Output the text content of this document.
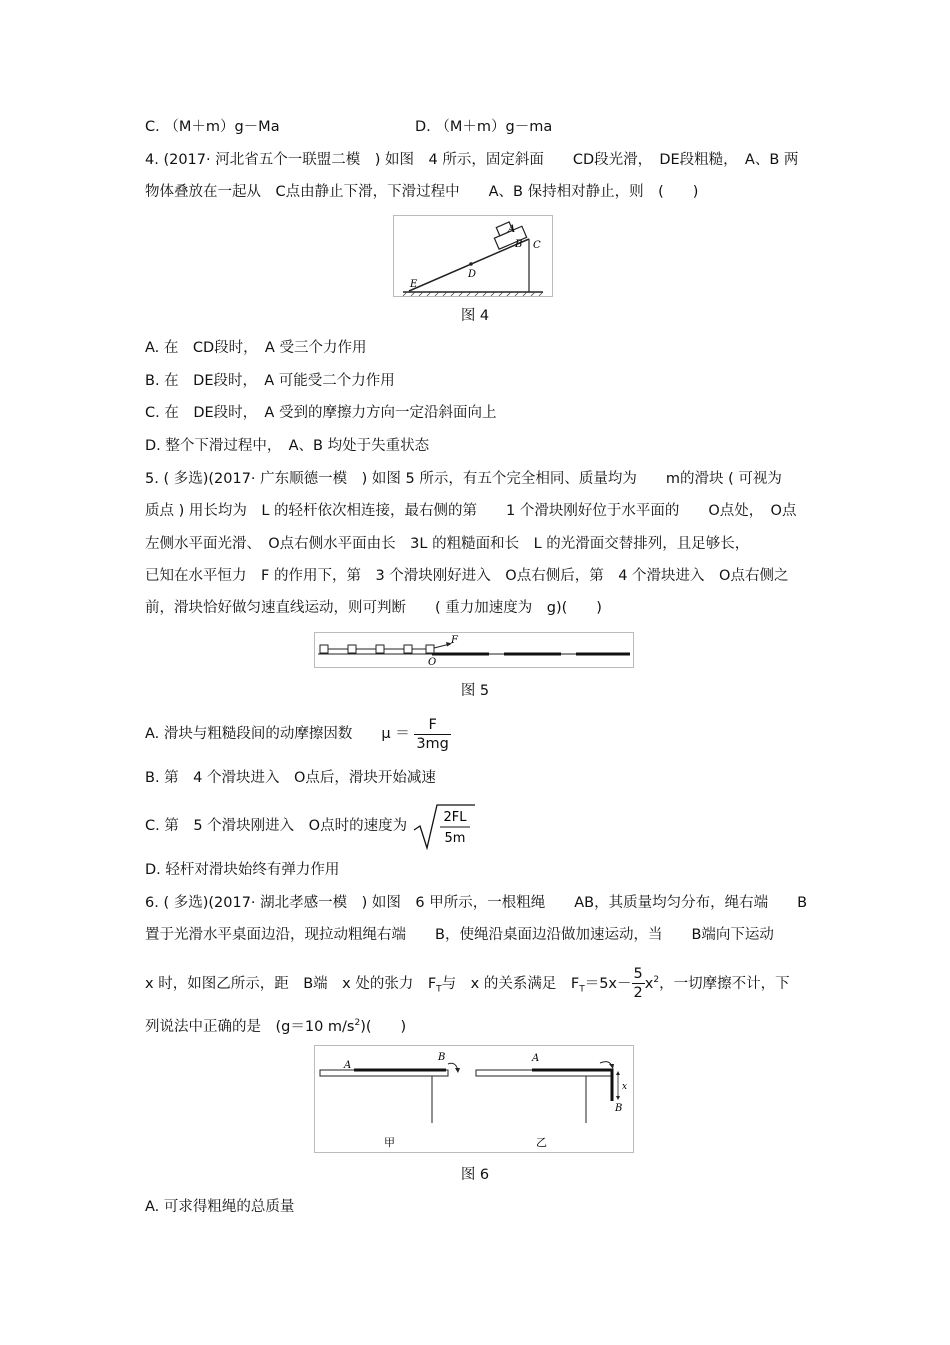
C. （M＋m）g－Ma	D. （M＋m）g－ma
4. (2017· 河北省五个一联盟二模　) 如图　4 所示，固定斜面　　CD段光滑，　DE段粗糙，　A、B 两
物体叠放在一起从　C点由静止下滑，下滑过程中　　A、B 保持相对静止，则　(　　)
A
B C
D
E
图 4
A. 在　CD段时，　A 受三个力作用
B. 在　DE段时，　A 可能受二个力作用
C. 在　DE段时，　A 受到的摩擦力方向一定沿斜面向上
D. 整个下滑过程中，　A、B 均处于失重状态
5. ( 多选)(2017· 广东顺德一模　) 如图 5 所示，有五个完全相同、质量均为　　m的滑块 ( 可视为
质点 ) 用长均为　L 的轻杆依次相连接，最右侧的第　　1 个滑块刚好位于水平面的　　O点处，　O点
左侧水平面光滑、　O点右侧水平面由长　3L 的粗糙面和长　L 的光滑面交替排列，且足够长，
已知在水平恒力　F 的作用下，第　3 个滑块刚好进入　O点右侧后，第　4 个滑块进入　O点右侧之
前，滑块恰好做匀速直线运动，则可判断　　( 重力加速度为　g)(　　)
F
O
图 5
A. 滑块与粗糙段间的动摩擦因数　　$\mu = \frac{F}{3mg}$
B. 第　4 个滑块进入　O点后，滑块开始减速
C. 第　5 个滑块刚进入　O点时的速度为
2FL
5m
D. 轻杆对滑块始终有弹力作用
6. ( 多选)(2017· 湖北孝感一模　) 如图　6 甲所示，一根粗绳　　AB，其质量均匀分布，绳右端　　B
置于光滑水平桌面边沿，现拉动粗绳右端　　B，使绳沿桌面边沿做加速运动，当　　B端向下运动
x 时，如图乙所示，距　B端　x 处的张力　$F_T$与　x 的关系满足　$F_T=5x- \frac{5}{2} x^2$，一切摩擦不计，下
列说法中正确的是　(g＝10 $m/s^2$)(　　)
A
B
甲
x
A
B
乙
图 6
A. 可求得粗绳的总质量
